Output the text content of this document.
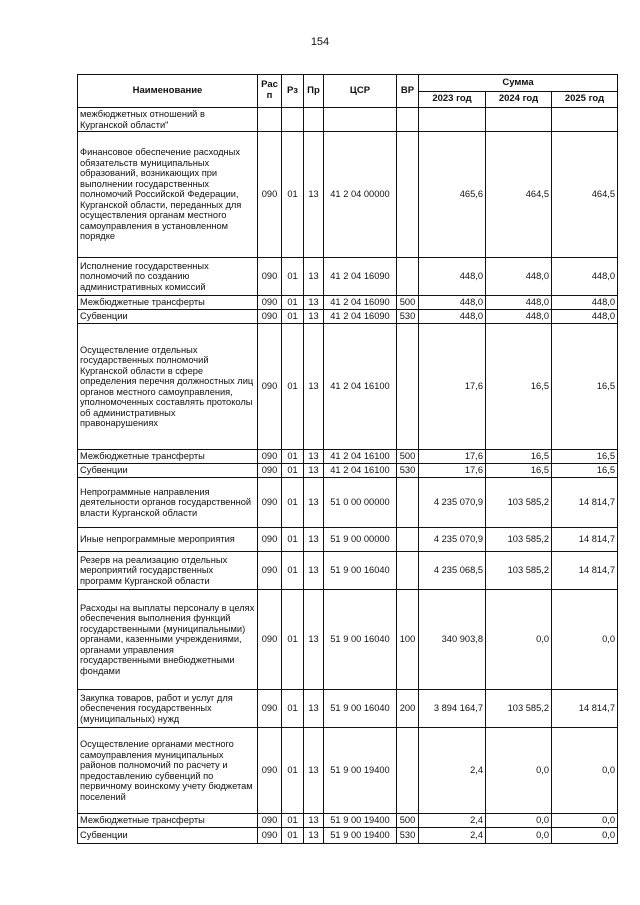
154
Наименование	Рас п	Рз	Пр	ЦСР	ВР	Сумма		
						2023 год	2024 год	2025 год
межбюджетных отношений в Курганской области"								
Финансовое обеспечение расходных обязательств муниципальных образований, возникающих при выполнении государственных полномочий Российской Федерации, Курганской области, переданных для осуществления органам местного самоуправления в установленном порядке	090	01	13	41 2 04 00000		465,6	464,5	464,5
Исполнение государственных полномочий по созданию административных комиссий	090	01	13	41 2 04 16090		448,0	448,0	448,0
Межбюджетные трансферты	090	01	13	41 2 04 16090	500	448,0	448,0	448,0
Субвенции	090	01	13	41 2 04 16090	530	448,0	448,0	448,0
Осуществление отдельных государственных полномочий Курганской области в сфере определения перечня должностных лиц органов местного самоуправления, уполномоченных составлять протоколы об административных правонарушениях	090	01	13	41 2 04 16100		17,6	16,5	16,5
Межбюджетные трансферты	090	01	13	41 2 04 16100	500	17,6	16,5	16,5
Субвенции	090	01	13	41 2 04 16100	530	17,6	16,5	16,5
Непрограммные направления деятельности органов государственной власти Курганской области	090	01	13	51 0 00 00000		4 235 070,9	103 585,2	14 814,7
Иные непрограммные мероприятия	090	01	13	51 9 00 00000		4 235 070,9	103 585,2	14 814,7
Резерв на реализацию отдельных мероприятий государственных программ Курганской области	090	01	13	51 9 00 16040		4 235 068,5	103 585,2	14 814,7
Расходы на выплаты персоналу в целях обеспечения выполнения функций государственными (муниципальными) органами, казенными учреждениями, органами управления государственными внебюджетными фондами	090	01	13	51 9 00 16040	100	340 903,8	0,0	0,0
Закупка товаров, работ и услуг для обеспечения государственных (муниципальных) нужд	090	01	13	51 9 00 16040	200	3 894 164,7	103 585,2	14 814,7
Осуществление органами местного самоуправления муниципальных районов полномочий по расчету и предоставлению субвенций по первичному воинскому учету бюджетам поселений	090	01	13	51 9 00 19400		2,4	0,0	0,0
Межбюджетные трансферты	090	01	13	51 9 00 19400	500	2,4	0,0	0,0
Субвенции	090	01	13	51 9 00 19400	530	2,4	0,0	0,0
